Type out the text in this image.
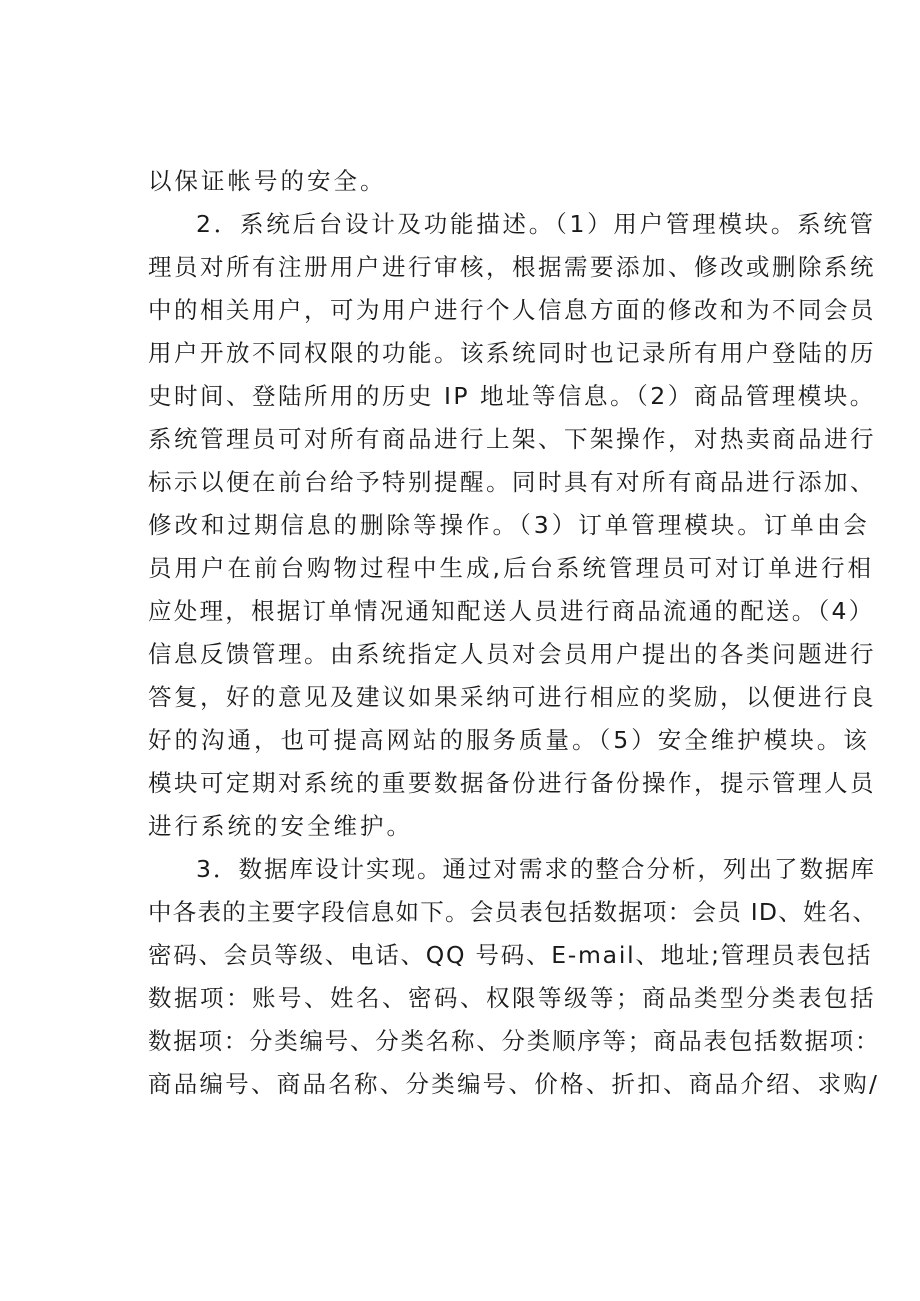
以保证帐号的安全。
2．系统后台设计及功能描述。（1）用户管理模块。系统管
理员对所有注册用户进行审核，根据需要添加、修改或删除系统
中的相关用户，可为用户进行个人信息方面的修改和为不同会员
用户开放不同权限的功能。该系统同时也记录所有用户登陆的历
史时间、登陆所用的历史 IP 地址等信息。（2）商品管理模块。
系统管理员可对所有商品进行上架、下架操作，对热卖商品进行
标示以便在前台给予特别提醒。同时具有对所有商品进行添加、
修改和过期信息的删除等操作。（3）订单管理模块。订单由会
员用户在前台购物过程中生成,后台系统管理员可对订单进行相
应处理，根据订单情况通知配送人员进行商品流通的配送。（4）
信息反馈管理。由系统指定人员对会员用户提出的各类问题进行
答复，好的意见及建议如果采纳可进行相应的奖励，以便进行良
好的沟通，也可提高网站的服务质量。（5）安全维护模块。该
模块可定期对系统的重要数据备份进行备份操作，提示管理人员
进行系统的安全维护。
3．数据库设计实现。通过对需求的整合分析，列出了数据库
中各表的主要字段信息如下。会员表包括数据项：会员 ID、姓名、
密码、会员等级、电话、QQ 号码、E-mail、地址;管理员表包括
数据项：账号、姓名、密码、权限等级等；商品类型分类表包括
数据项：分类编号、分类名称、分类顺序等；商品表包括数据项：
商品编号、商品名称、分类编号、价格、折扣、商品介绍、求购/
